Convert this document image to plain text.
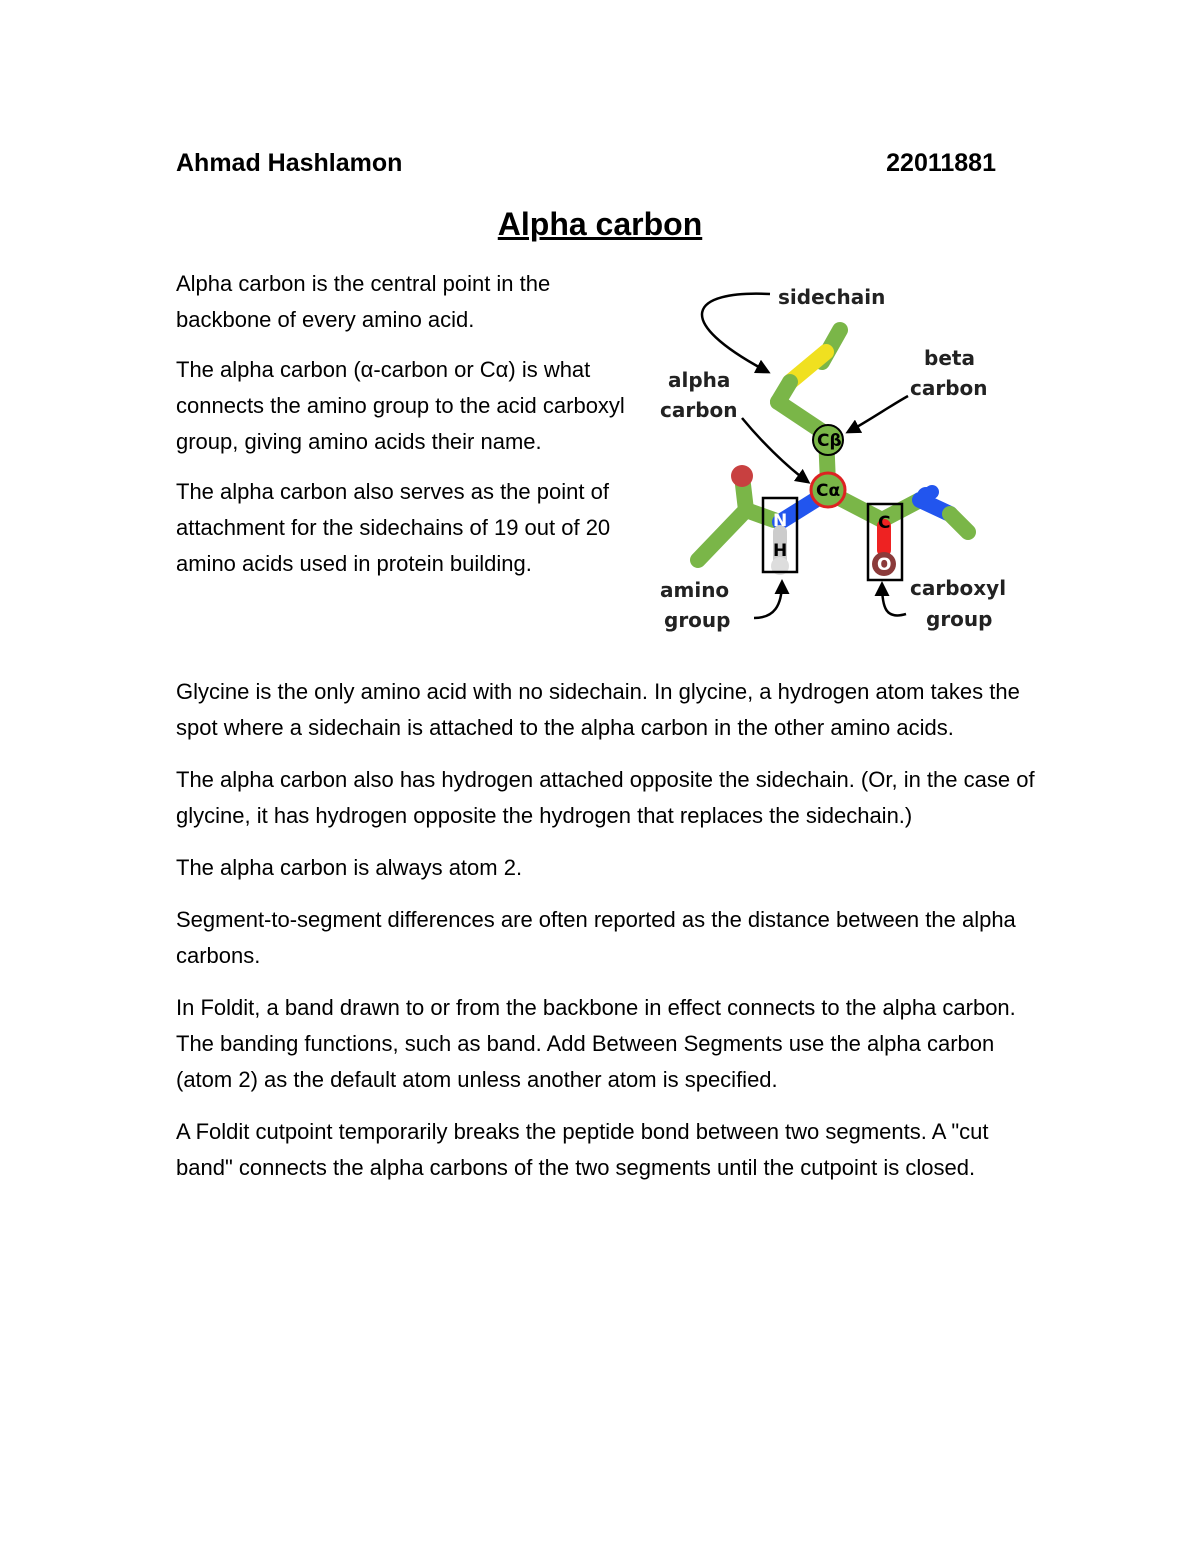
Ahmad Hashlamon	22011881
Alpha carbon

Alpha carbon is the central point in the backbone of every amino acid.

The alpha carbon (α-carbon or Cα) is what connects the amino group to the acid carboxyl group, giving amino acids their name.

The alpha carbon also serves as the point of attachment for the sidechains of 19 out of 20 amino acids used in protein building.

Cβ
Cα
N
H
C
O
sidechain
beta
carbon
alpha
carbon
amino
group
carboxyl
group

Glycine is the only amino acid with no sidechain. In glycine, a hydrogen atom takes the spot where a sidechain is attached to the alpha carbon in the other amino acids.

The alpha carbon also has hydrogen attached opposite the sidechain. (Or, in the case of glycine, it has hydrogen opposite the hydrogen that replaces the sidechain.)

The alpha carbon is always atom 2.

Segment-to-segment differences are often reported as the distance between the alpha carbons.

In Foldit, a band drawn to or from the backbone in effect connects to the alpha carbon. The banding functions, such as band. Add Between Segments use the alpha carbon (atom 2) as the default atom unless another atom is specified.

A Foldit cutpoint temporarily breaks the peptide bond between two segments. A "cut band" connects the alpha carbons of the two segments until the cutpoint is closed.
